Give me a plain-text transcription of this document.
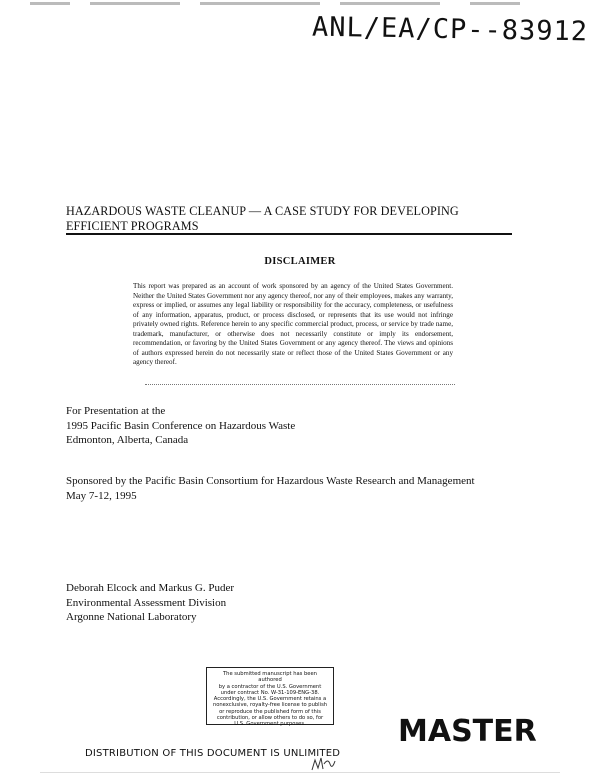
ANL/EA/CP--83912
HAZARDOUS WASTE CLEANUP — A CASE STUDY FOR DEVELOPING EFFICIENT PROGRAMS
DISCLAIMER
This report was prepared as an account of work sponsored by an agency of the United States Government. Neither the United States Government nor any agency thereof, nor any of their employees, makes any warranty, express or implied, or assumes any legal liability or responsibility for the accuracy, completeness, or usefulness of any information, apparatus, product, or process disclosed, or represents that its use would not infringe privately owned rights. Reference herein to any specific commercial product, process, or service by trade name, trademark, manufacturer, or otherwise does not necessarily constitute or imply its endorsement, recommendation, or favoring by the United States Government or any agency thereof. The views and opinions of authors expressed herein do not necessarily state or reflect those of the United States Government or any agency thereof.
For Presentation at the
1995 Pacific Basin Conference on Hazardous Waste
Edmonton, Alberta, Canada
Sponsored by the Pacific Basin Consortium for Hazardous Waste Research and Management
May 7-12, 1995
Deborah Elcock and Markus G. Puder
Environmental Assessment Division
Argonne National Laboratory
The submitted manuscript has been authored
by a contractor of the U.S. Government
under contract No. W-31-109-ENG-38.
Accordingly, the U.S. Government retains a
nonexclusive, royalty-free license to publish
or reproduce the published form of this
contribution, or allow others to do so, for
U.S. Government purposes.	MASTER
DISTRIBUTION OF THIS DOCUMENT IS UNLIMITED
